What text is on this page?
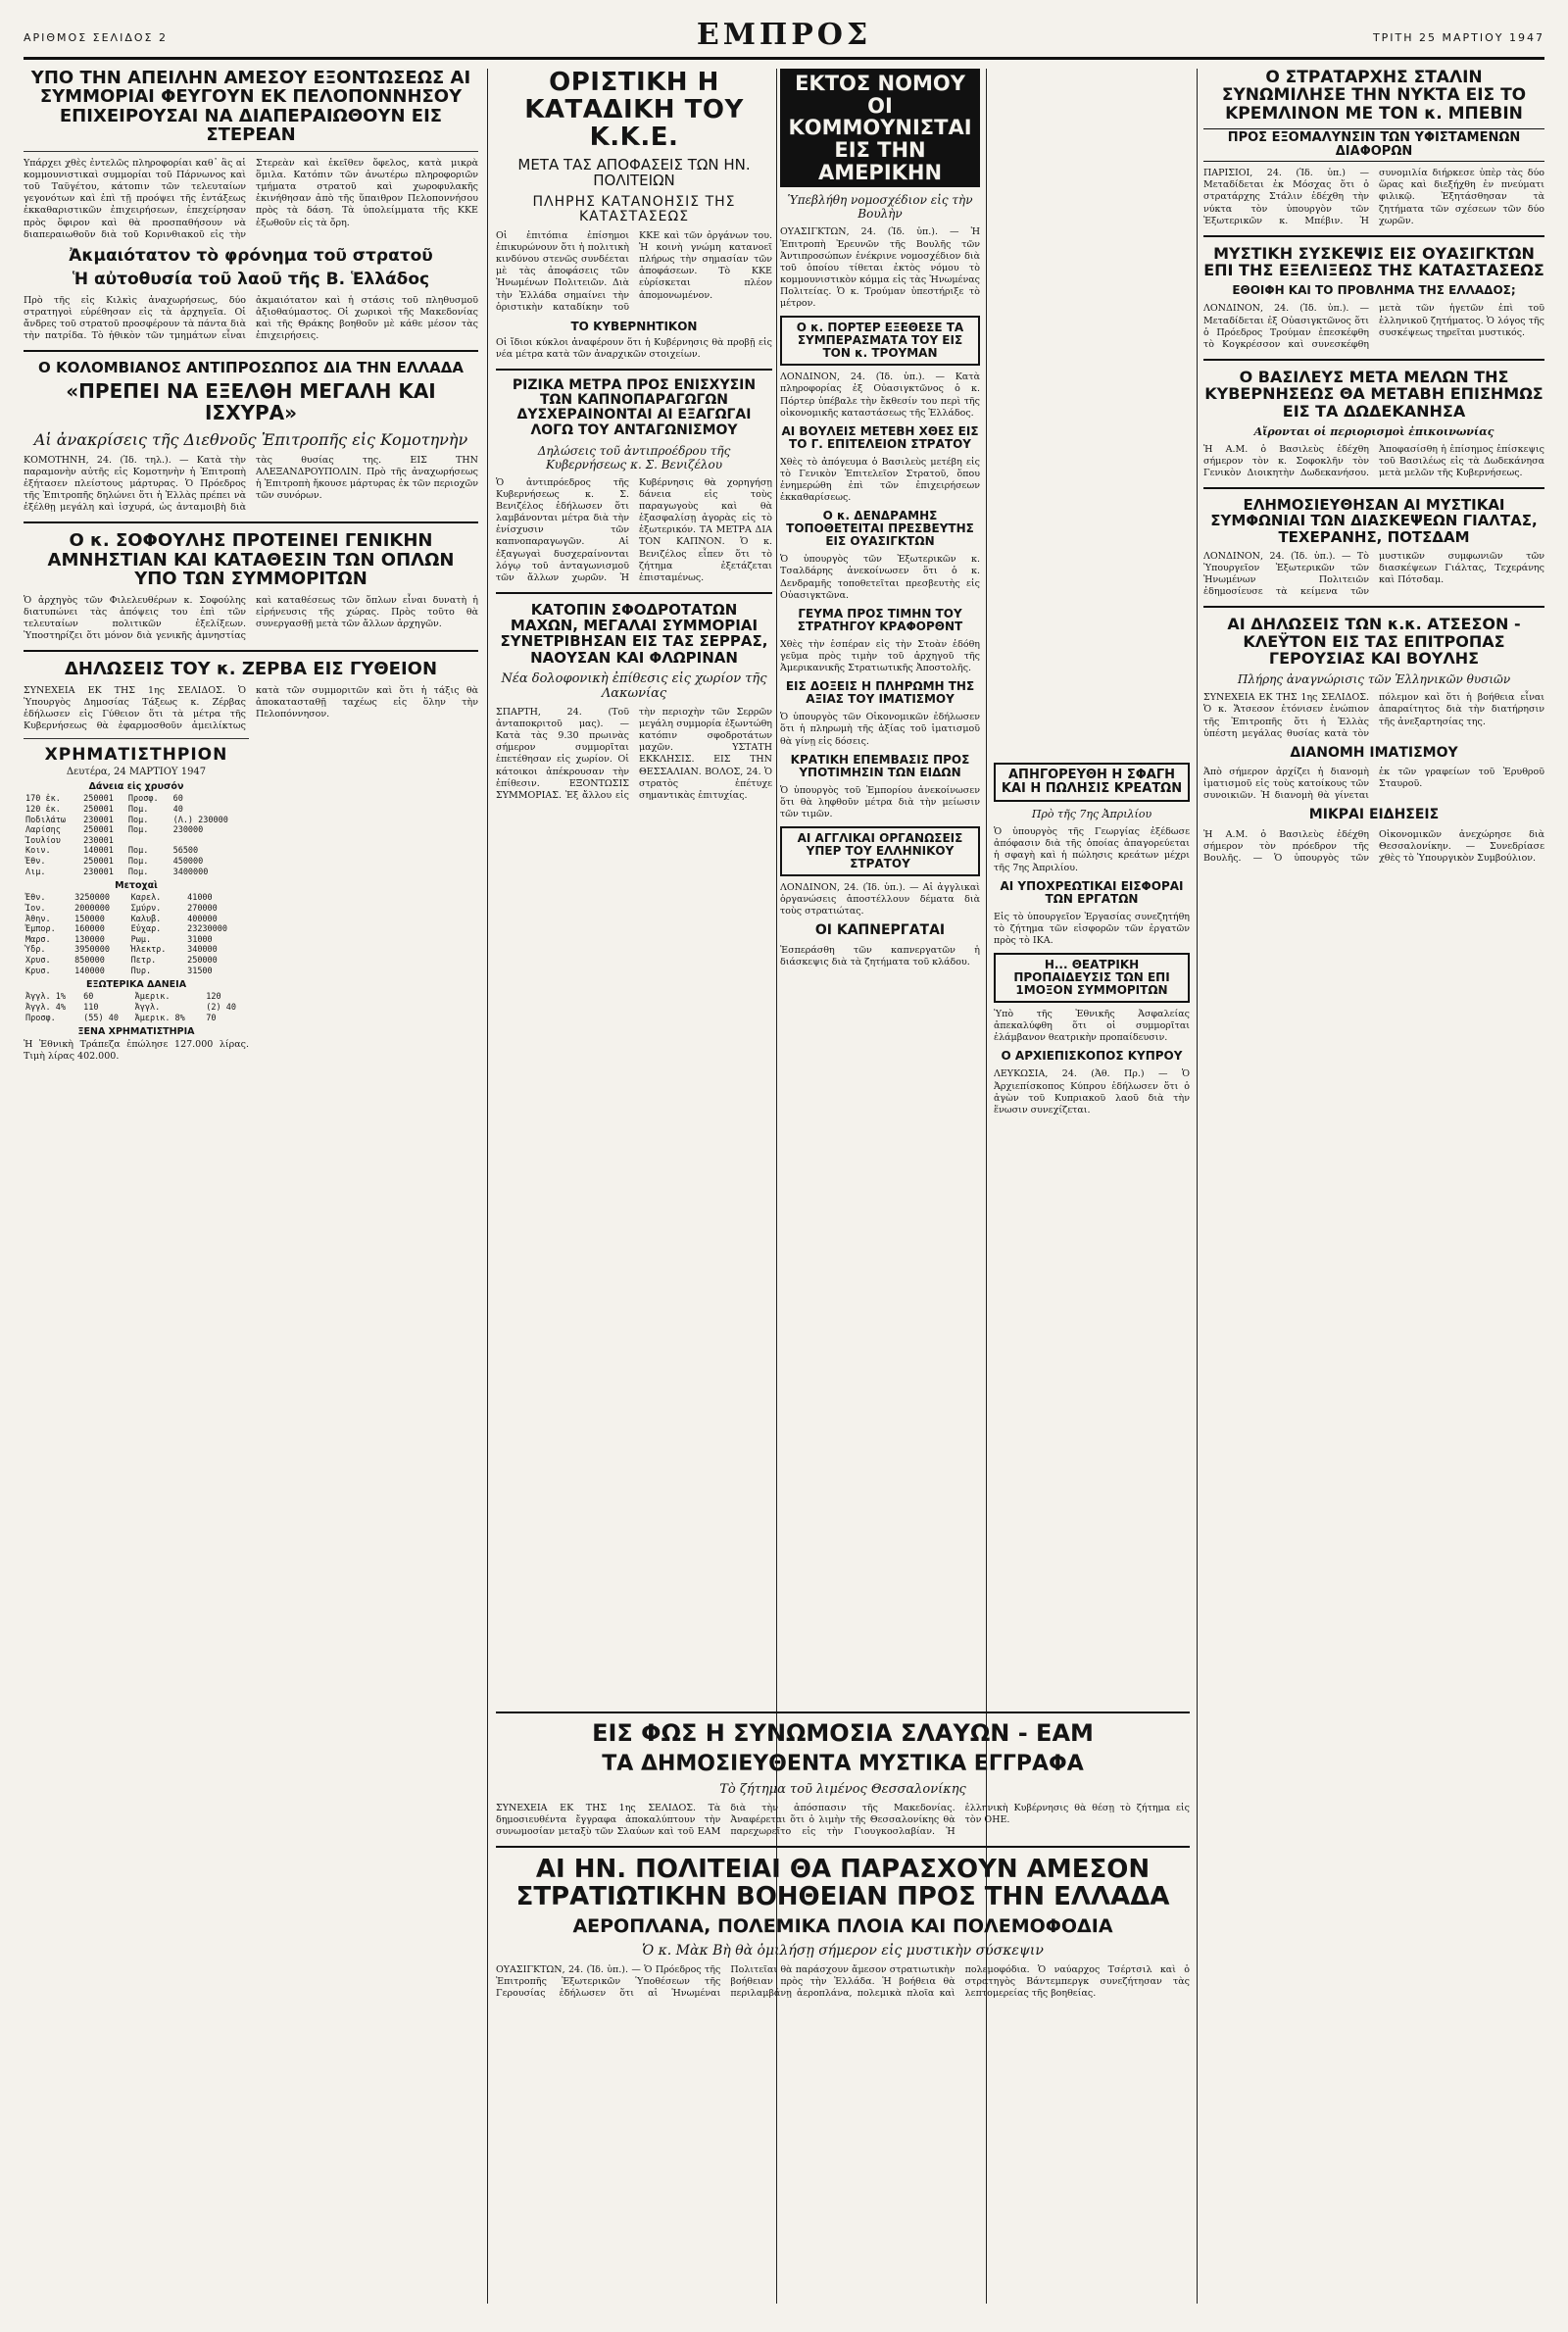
ΑΡΙΘΜΟΣ ΣΕΛΙΔΟΣ 2	ΕΜΠΡΟΣ	ΤΡΙΤΗ 25 ΜΑΡΤΙΟΥ 1947
ΥΠΟ ΤΗΝ ΑΠΕΙΛΗΝ ΑΜΕΣΟΥ ΕΞΟΝΤΩΣΕΩΣ ΑΙ ΣΥΜΜΟΡΙΑΙ ΦΕΥΓΟΥΝ ΕΚ ΠΕΛΟΠΟΝΝΗΣΟΥ ΕΠΙΧΕΙΡΟΥΣΑΙ ΝΑ ΔΙΑΠΕΡΑΙΩΘΟΥΝ ΕΙΣ ΣΤΕΡΕΑΝ

Υπάρχει χθὲς ἐντελῶς πληροφορίαι καθ᾽ ἃς αἱ κομμουνιστικαὶ συμμορίαι τοῦ Πάρνωνος καὶ τοῦ Ταϋγέτου, κάτοπιν τῶν τελευταίων γεγονότων καὶ ἐπὶ τῇ προόψει τῆς ἐντάξεως ἐκκαθαριστικῶν ἐπιχειρήσεων, ἐπεχείρησαν πρὸς ὅφιρον καὶ θὰ προσπαθήσουν νὰ διαπεραιωθοῦν διὰ τοῦ Κορινθιακοῦ εἰς τὴν Στερεὰν καὶ ἐκεῖθεν ὅφελος, κατὰ μικρὰ ὅμιλα. Κατόπιν τῶν ἀνωτέρω πληροφοριῶν τμήματα στρατοῦ καὶ χωροφυλακῆς ἐκινήθησαν ἀπὸ τῆς ὕπαιθρον Πελοποννήσου πρὸς τὰ δάση. Τὰ ὑπολείμματα τῆς ΚΚΕ ἐξωθοῦν εἰς τὰ ὄρη.

Ἀκμαιότατον τὸ φρόνημα τοῦ στρατοῦ
Ἡ αὐτοθυσία τοῦ λαοῦ τῆς Β. Ἑλλάδος

Πρὸ τῆς εἰς Κιλκὶς ἀναχωρήσεως, δύο στρατηγοὶ εὑρέθησαν εἰς τὰ ἀρχηγεῖα. Οἱ ἄνδρες τοῦ στρατοῦ προσφέρουν τὰ πάντα διὰ τὴν πατρίδα. Τὸ ἠθικὸν τῶν τμημάτων εἶναι ἀκμαιότατον καὶ ἡ στάσις τοῦ πληθυσμοῦ ἀξιοθαύμαστος. Οἱ χωρικοὶ τῆς Μακεδονίας καὶ τῆς Θράκης βοηθοῦν μὲ κάθε μέσον τὰς ἐπιχειρήσεις.

Ο ΚΟΛΟΜΒΙΑΝΟΣ ΑΝΤΙΠΡΟΣΩΠΟΣ ΔΙΑ ΤΗΝ ΕΛΛΑΔΑ
«ΠΡΕΠΕΙ ΝΑ ΕΞΕΛΘΗ ΜΕΓΑΛΗ ΚΑΙ ΙΣΧΥΡΑ»
Αἱ ἀνακρίσεις τῆς Διεθνοῦς Ἐπιτροπῆς εἰς Κομοτηνὴν

ΚΟΜΟΤΗΝΗ, 24. (Ἰδ. τηλ.). — Κατὰ τὴν παραμονὴν αὐτῆς εἰς Κομοτηνὴν ἡ Ἐπιτροπὴ ἐξήτασεν πλείστους μάρτυρας. Ὁ Πρόεδρος τῆς Ἐπιτροπῆς δηλώνει ὅτι ἡ Ἑλλὰς πρέπει νὰ ἐξέλθῃ μεγάλη καὶ ἰσχυρά, ὡς ἀνταμοιβὴ διὰ τὰς θυσίας της. ΕΙΣ ΤΗΝ ΑΛΕΞΑΝΔΡΟΥΠΟΛΙΝ. Πρὸ τῆς ἀναχωρήσεως ἡ Ἐπιτροπὴ ἤκουσε μάρτυρας ἐκ τῶν περιοχῶν τῶν συνόρων.

Ο κ. ΣΟΦΟΥΛΗΣ ΠΡΟΤΕΙΝΕΙ ΓΕΝΙΚΗΝ ΑΜΝΗΣΤΙΑΝ ΚΑΙ ΚΑΤΑΘΕΣΙΝ ΤΩΝ ΟΠΛΩΝ ΥΠΟ ΤΩΝ ΣΥΜΜΟΡΙΤΩΝ

Ὁ ἀρχηγὸς τῶν Φιλελευθέρων κ. Σοφούλης διατυπώνει τὰς ἀπόψεις του ἐπὶ τῶν τελευταίων πολιτικῶν ἐξελίξεων. Ὑποστηρίζει ὅτι μόνον διὰ γενικῆς ἀμνηστίας καὶ καταθέσεως τῶν ὅπλων εἶναι δυνατὴ ἡ εἰρήνευσις τῆς χώρας. Πρὸς τοῦτο θὰ συνεργασθῇ μετὰ τῶν ἄλλων ἀρχηγῶν.

ΔΗΛΩΣΕΙΣ ΤΟΥ κ. ΖΕΡΒΑ ΕΙΣ ΓΥΘΕΙΟΝ

ΣΥΝΕΧΕΙΑ ΕΚ ΤΗΣ 1ης ΣΕΛΙΔΟΣ. Ὁ Ὑπουργὸς Δημοσίας Τάξεως κ. Ζέρβας ἐδήλωσεν εἰς Γύθειον ὅτι τὰ μέτρα τῆς Κυβερνήσεως θὰ ἐφαρμοσθοῦν ἀμειλίκτως κατὰ τῶν συμμοριτῶν καὶ ὅτι ἡ τάξις θὰ ἀποκατασταθῇ ταχέως εἰς ὅλην τὴν Πελοπόννησον.

ΧΡΗΜΑΤΙΣΤΗΡΙΟΝ
Δευτέρα, 24 ΜΑΡΤΙΟΥ 1947
Δάνεια εἰς χρυσόν
170 ἐκ.	250001	Προσφ.	60
120 ἐκ.	250001	Πομ.	40
Ποδιλάτω	230001	Πομ.	(Λ.) 230000
Λαρίσης	250001	Πομ.	230000
Ἰουλίου	230001		
Κοιν.	140001	Πομ.	56500
Ἐθν.	250001	Πομ.	450000
Λιμ.	230001	Πομ.	3400000
Μετοχαὶ
Ἐθν.	3250000	Καρελ.	41000
Ἰον.	2000000	Σμύρν.	270000
Ἀθην.	150000	Καλυβ.	400000
Ἐμπορ.	160000	Εὐχαρ.	23230000
Μαρσ.	130000	Ρωμ.	31000
Ὑδρ.	3950000	Ἠλεκτρ.	340000
Χρυσ.	850000	Πετρ.	250000
Κρυσ.	140000	Πυρ.	31500
ΕΞΩΤΕΡΙΚΑ ΔΑΝΕΙΑ
Ἀγγλ. 1%	60	Ἀμερικ.	120
Ἀγγλ. 4%	110	Ἀγγλ.	(2) 40
Προσφ.	(55) 40	Ἀμερικ. 8%	70
ΞΕΝΑ ΧΡΗΜΑΤΙΣΤΗΡΙΑ

Ἡ Ἐθνικὴ Τράπεζα ἐπώλησε 127.000 λίρας. Τιμὴ λίρας 402.000.

ΟΡΙΣΤΙΚΗ Η ΚΑΤΑΔΙΚΗ ΤΟΥ Κ.Κ.Ε.
ΜΕΤΑ ΤΑΣ ΑΠΟΦΑΣΕΙΣ ΤΩΝ ΗΝ. ΠΟΛΙΤΕΙΩΝ
ΠΛΗΡΗΣ ΚΑΤΑΝΟΗΣΙΣ ΤΗΣ ΚΑΤΑΣΤΑΣΕΩΣ

Οἱ ἐπιτόπια ἐπίσημοι ἐπικυρώνουν ὅτι ἡ πολιτικὴ κινδύνου στενῶς συνδέεται μὲ τὰς ἀποφάσεις τῶν Ἡνωμένων Πολιτειῶν. Διὰ τὴν Ἑλλάδα σημαίνει τὴν ὁριστικὴν καταδίκην τοῦ ΚΚΕ καὶ τῶν ὀργάνων του. Ἡ κοινὴ γνώμη κατανοεῖ πλήρως τὴν σημασίαν τῶν ἀποφάσεων. Τὸ ΚΚΕ εὑρίσκεται πλέον ἀπομονωμένον.

ΤΟ ΚΥΒΕΡΝΗΤΙΚΟΝ

Οἱ ἴδιοι κύκλοι ἀναφέρουν ὅτι ἡ Κυβέρνησις θὰ προβῇ εἰς νέα μέτρα κατὰ τῶν ἀναρχικῶν στοιχείων.

ΡΙΖΙΚΑ ΜΕΤΡΑ ΠΡΟΣ ΕΝΙΣΧΥΣΙΝ ΤΩΝ ΚΑΠΝΟΠΑΡΑΓΩΓΩΝ ΔΥΣΧΕΡΑΙΝΟΝΤΑΙ ΑΙ ΕΞΑΓΩΓΑΙ ΛΟΓΩ ΤΟΥ ΑΝΤΑΓΩΝΙΣΜΟΥ
Δηλώσεις τοῦ ἀντιπροέδρου τῆς Κυβερνήσεως κ. Σ. Βενιζέλου

Ὁ ἀντιπρόεδρος τῆς Κυβερνήσεως κ. Σ. Βενιζέλος ἐδήλωσεν ὅτι λαμβάνονται μέτρα διὰ τὴν ἐνίσχυσιν τῶν καπνοπαραγωγῶν. Αἱ ἐξαγωγαὶ δυσχεραίνονται λόγῳ τοῦ ἀνταγωνισμοῦ τῶν ἄλλων χωρῶν. Ἡ Κυβέρνησις θὰ χορηγήσῃ δάνεια εἰς τοὺς παραγωγοὺς καὶ θὰ ἐξασφαλίσῃ ἀγορὰς εἰς τὸ ἐξωτερικόν. ΤΑ ΜΕΤΡΑ ΔΙΑ ΤΟΝ ΚΑΠΝΟΝ. Ὁ κ. Βενιζέλος εἶπεν ὅτι τὸ ζήτημα ἐξετάζεται ἐπισταμένως.

ΚΑΤΟΠΙΝ ΣΦΟΔΡΟΤΑΤΩΝ ΜΑΧΩΝ, ΜΕΓΑΛΑΙ ΣΥΜΜΟΡΙΑΙ ΣΥΝΕΤΡΙΒΗΣΑΝ ΕΙΣ ΤΑΣ ΣΕΡΡΑΣ, ΝΑΟΥΣΑΝ ΚΑΙ ΦΛΩΡΙΝΑΝ
Νέα δολοφονικὴ ἐπίθεσις εἰς χωρίον τῆς Λακωνίας

ΣΠΑΡΤΗ, 24. (Τοῦ ἀνταποκριτοῦ μας). — Κατὰ τὰς 9.30 πρωινὰς σήμερον συμμορῖται ἐπετέθησαν εἰς χωρίον. Οἱ κάτοικοι ἀπέκρουσαν τὴν ἐπίθεσιν. ΕΞΟΝΤΩΣΙΣ ΣΥΜΜΟΡΙΑΣ. Ἐξ ἄλλου εἰς τὴν περιοχὴν τῶν Σερρῶν μεγάλη συμμορία ἐξωντώθη κατόπιν σφοδροτάτων μαχῶν. ΥΣΤΑΤΗ ΕΚΚΛΗΣΙΣ. ΕΙΣ ΤΗΝ ΘΕΣΣΑΛΙΑΝ. ΒΟΛΟΣ, 24. Ὁ στρατὸς ἐπέτυχε σημαντικὰς ἐπιτυχίας.

ΕΚΤΟΣ ΝΟΜΟΥ ΟΙ ΚΟΜΜΟΥΝΙΣΤΑΙ ΕΙΣ ΤΗΝ ΑΜΕΡΙΚΗΝ
Ὑπεβλήθη νομοσχέδιον εἰς τὴν Βουλὴν

ΟΥΑΣΙΓΚΤΩΝ, 24. (Ἰδ. ὑπ.). — Ἡ Ἐπιτροπὴ Ἐρευνῶν τῆς Βουλῆς τῶν Ἀντιπροσώπων ἐνέκρινε νομοσχέδιον διὰ τοῦ ὁποίου τίθεται ἐκτὸς νόμου τὸ κομμουνιστικὸν κόμμα εἰς τὰς Ἡνωμένας Πολιτείας. Ὁ κ. Τρούμαν ὑπεστήριξε τὸ μέτρον.

Ο κ. ΠΟΡΤΕΡ ΕΞΕΘΕΣΕ ΤΑ ΣΥΜΠΕΡΑΣΜΑΤΑ ΤΟΥ ΕΙΣ ΤΟΝ κ. ΤΡΟΥΜΑΝ

ΛΟΝΔΙΝΟΝ, 24. (Ἰδ. ὑπ.). — Κατὰ πληροφορίας ἐξ Οὐασιγκτῶνος ὁ κ. Πόρτερ ὑπέβαλε τὴν ἔκθεσίν του περὶ τῆς οἰκονομικῆς καταστάσεως τῆς Ἑλλάδος.

ΑΙ ΒΟΥΛΕΙΣ ΜΕΤΕΒΗ ΧΘΕΣ ΕΙΣ ΤΟ Γ. ΕΠΙΤΕΛΕΙΟΝ ΣΤΡΑΤΟΥ

Χθὲς τὸ ἀπόγευμα ὁ Βασιλεὺς μετέβη εἰς τὸ Γενικὸν Ἐπιτελεῖον Στρατοῦ, ὅπου ἐνημερώθη ἐπὶ τῶν ἐπιχειρήσεων ἐκκαθαρίσεως.

Ο κ. ΔΕΝΔΡΑΜΗΣ ΤΟΠΟΘΕΤΕΙΤΑΙ ΠΡΕΣΒΕΥΤΗΣ ΕΙΣ ΟΥΑΣΙΓΚΤΩΝ

Ὁ ὑπουργὸς τῶν Ἐξωτερικῶν κ. Τσαλδάρης ἀνεκοίνωσεν ὅτι ὁ κ. Δενδραμῆς τοποθετεῖται πρεσβευτὴς εἰς Οὐασιγκτῶνα.

ΓΕΥΜΑ ΠΡΟΣ ΤΙΜΗΝ ΤΟΥ ΣΤΡΑΤΗΓΟΥ ΚΡΑΦΟΡΘΝΤ

Χθὲς τὴν ἑσπέραν εἰς τὴν Στοὰν ἐδόθη γεῦμα πρὸς τιμὴν τοῦ ἀρχηγοῦ τῆς Ἀμερικανικῆς Στρατιωτικῆς Ἀποστολῆς.

ΕΙΣ ΔΟΞΕΙΣ Η ΠΛΗΡΩΜΗ ΤΗΣ ΑΞΙΑΣ ΤΟΥ ΙΜΑΤΙΣΜΟΥ

Ὁ ὑπουργὸς τῶν Οἰκονομικῶν ἐδήλωσεν ὅτι ἡ πληρωμὴ τῆς ἀξίας τοῦ ἱματισμοῦ θὰ γίνῃ εἰς δόσεις.

ΚΡΑΤΙΚΗ ΕΠΕΜΒΑΣΙΣ ΠΡΟΣ ΥΠΟΤΙΜΗΣΙΝ ΤΩΝ ΕΙΔΩΝ

Ὁ ὑπουργὸς τοῦ Ἐμπορίου ἀνεκοίνωσεν ὅτι θὰ ληφθοῦν μέτρα διὰ τὴν μείωσιν τῶν τιμῶν.

ΑΙ ΑΓΓΛΙΚΑΙ ΟΡΓΑΝΩΣΕΙΣ ΥΠΕΡ ΤΟΥ ΕΛΛΗΝΙΚΟΥ ΣΤΡΑΤΟΥ

ΛΟΝΔΙΝΟΝ, 24. (Ἰδ. ὑπ.). — Αἱ ἀγγλικαὶ ὀργανώσεις ἀποστέλλουν δέματα διὰ τοὺς στρατιώτας.

ΟΙ ΚΑΠΝΕΡΓΑΤΑΙ

Ἐσπεράσθη τῶν καπνεργατῶν ἡ διάσκεψις διὰ τὰ ζητήματα τοῦ κλάδου.

ΑΠΗΓΟΡΕΥΘΗ Η ΣΦΑΓΗ ΚΑΙ Η ΠΩΛΗΣΙΣ ΚΡΕΑΤΩΝ
Πρὸ τῆς 7ης Ἀπριλίου

Ὁ ὑπουργὸς τῆς Γεωργίας ἐξέδωσε ἀπόφασιν διὰ τῆς ὁποίας ἀπαγορεύεται ἡ σφαγὴ καὶ ἡ πώλησις κρεάτων μέχρι τῆς 7ης Ἀπριλίου.

ΑΙ ΥΠΟΧΡΕΩΤΙΚΑΙ ΕΙΣΦΟΡΑΙ ΤΩΝ ΕΡΓΑΤΩΝ

Εἰς τὸ ὑπουργεῖον Ἐργασίας συνεζητήθη τὸ ζήτημα τῶν εἰσφορῶν τῶν ἐργατῶν πρὸς τὸ ΙΚΑ.

Η... ΘΕΑΤΡΙΚΗ ΠΡΟΠΑΙΔΕΥΣΙΣ ΤΩΝ ΕΠΙ 1ΜΟΞΟΝ ΣΥΜΜΟΡΙΤΩΝ

Ὑπὸ τῆς Ἐθνικῆς Ἀσφαλείας ἀπεκαλύφθη ὅτι οἱ συμμορῖται ἐλάμβανον θεατρικὴν προπαίδευσιν.

Ο ΑΡΧΙΕΠΙΣΚΟΠΟΣ ΚΥΠΡΟΥ

ΛΕΥΚΩΣΙΑ, 24. (Ἀθ. Πρ.) — Ὁ Ἀρχιεπίσκοπος Κύπρου ἐδήλωσεν ὅτι ὁ ἀγὼν τοῦ Κυπριακοῦ λαοῦ διὰ τὴν ἕνωσιν συνεχίζεται.

Ο ΣΤΡΑΤΑΡΧΗΣ ΣΤΑΛΙΝ ΣΥΝΩΜΙΛΗΣΕ ΤΗΝ ΝΥΚΤΑ ΕΙΣ ΤΟ ΚΡΕΜΛΙΝΟΝ ΜΕ ΤΟΝ κ. ΜΠΕΒΙΝ
ΠΡΟΣ ΕΞΟΜΑΛΥΝΣΙΝ ΤΩΝ ΥΦΙΣΤΑΜΕΝΩΝ ΔΙΑΦΟΡΩΝ

ΠΑΡΙΣΙΟΙ, 24. (Ἰδ. ὑπ.) — Μεταδίδεται ἐκ Μόσχας ὅτι ὁ στρατάρχης Στάλιν ἐδέχθη τὴν νύκτα τὸν ὑπουργὸν τῶν Ἐξωτερικῶν κ. Μπέβιν. Ἡ συνομιλία διήρκεσε ὑπὲρ τὰς δύο ὥρας καὶ διεξήχθη ἐν πνεύματι φιλικῷ. Ἐξητάσθησαν τὰ ζητήματα τῶν σχέσεων τῶν δύο χωρῶν.

ΜΥΣΤΙΚΗ ΣΥΣΚΕΨΙΣ ΕΙΣ ΟΥΑΣΙΓΚΤΩΝ ΕΠΙ ΤΗΣ ΕΞΕΛΙΞΕΩΣ ΤΗΣ ΚΑΤΑΣΤΑΣΕΩΣ
ΕΘΟΙΦΗ ΚΑΙ ΤΟ ΠΡΟΒΛΗΜΑ ΤΗΣ ΕΛΛΑΔΟΣ;

ΛΟΝΔΙΝΟΝ, 24. (Ἰδ. ὑπ.). — Μεταδίδεται ἐξ Οὐασιγκτῶνος ὅτι ὁ Πρόεδρος Τρούμαν ἐπεσκέφθη τὸ Κογκρέσσον καὶ συνεσκέφθη μετὰ τῶν ἡγετῶν ἐπὶ τοῦ ἑλληνικοῦ ζητήματος. Ὁ λόγος τῆς συσκέψεως τηρεῖται μυστικός.

Ο ΒΑΣΙΛΕΥΣ ΜΕΤΑ ΜΕΛΩΝ ΤΗΣ ΚΥΒΕΡΝΗΣΕΩΣ ΘΑ ΜΕΤΑΒΗ ΕΠΙΣΗΜΩΣ ΕΙΣ ΤΑ ΔΩΔΕΚΑΝΗΣΑ
Αἴρονται οἱ περιορισμοὶ ἐπικοινωνίας

Ἡ Α.Μ. ὁ Βασιλεὺς ἐδέχθη σήμερον τὸν κ. Σοφοκλῆν τὸν Γενικὸν Διοικητὴν Δωδεκανήσου. Ἀποφασίσθη ἡ ἐπίσημος ἐπίσκεψις τοῦ Βασιλέως εἰς τὰ Δωδεκάνησα μετὰ μελῶν τῆς Κυβερνήσεως.

ΕΛΗΜΟΣΙΕΥΘΗΣΑΝ ΑΙ ΜΥΣΤΙΚΑΙ ΣΥΜΦΩΝΙΑΙ ΤΩΝ ΔΙΑΣΚΕΨΕΩΝ ΓΙΑΛΤΑΣ, ΤΕΧΕΡΑΝΗΣ, ΠΟΤΣΔΑΜ

ΛΟΝΔΙΝΟΝ, 24. (Ἰδ. ὑπ.). — Τὸ Ὑπουργεῖον Ἐξωτερικῶν τῶν Ἡνωμένων Πολιτειῶν ἐδημοσίευσε τὰ κείμενα τῶν μυστικῶν συμφωνιῶν τῶν διασκέψεων Γιάλτας, Τεχεράνης καὶ Πότσδαμ.

ΑΙ ΔΗΛΩΣΕΙΣ ΤΩΝ κ.κ. ΑΤΣΕΣΟΝ - ΚΛΕΫΤΟΝ ΕΙΣ ΤΑΣ ΕΠΙΤΡΟΠΑΣ ΓΕΡΟΥΣΙΑΣ ΚΑΙ ΒΟΥΛΗΣ
Πλήρης ἀναγνώρισις τῶν Ἑλληνικῶν θυσιῶν

ΣΥΝΕΧΕΙΑ ΕΚ ΤΗΣ 1ης ΣΕΛΙΔΟΣ. Ὁ κ. Ἄτσεσον ἐτόνισεν ἐνώπιον τῆς Ἐπιτροπῆς ὅτι ἡ Ἑλλὰς ὑπέστη μεγάλας θυσίας κατὰ τὸν πόλεμον καὶ ὅτι ἡ βοήθεια εἶναι ἀπαραίτητος διὰ τὴν διατήρησιν τῆς ἀνεξαρτησίας της.

ΔΙΑΝΟΜΗ ΙΜΑΤΙΣΜΟΥ

Ἀπὸ σήμερον ἀρχίζει ἡ διανομὴ ἱματισμοῦ εἰς τοὺς κατοίκους τῶν συνοικιῶν. Ἡ διανομὴ θὰ γίνεται ἐκ τῶν γραφείων τοῦ Ἐρυθροῦ Σταυροῦ.

ΜΙΚΡΑΙ ΕΙΔΗΣΕΙΣ

Ἡ Α.Μ. ὁ Βασιλεὺς ἐδέχθη σήμερον τὸν πρόεδρον τῆς Βουλῆς. — Ὁ ὑπουργὸς τῶν Οἰκονομικῶν ἀνεχώρησε διὰ Θεσσαλονίκην. — Συνεδρίασε χθὲς τὸ Ὑπουργικὸν Συμβούλιον.

ΕΙΣ ΦΩΣ Η ΣΥΝΩΜΟΣΙΑ ΣΛΑΥΩΝ - ΕΑΜ
ΤΑ ΔΗΜΟΣΙΕΥΘΕΝΤΑ ΜΥΣΤΙΚΑ ΕΓΓΡΑΦΑ
Τὸ ζήτημα τοῦ λιμένος Θεσσαλονίκης

ΣΥΝΕΧΕΙΑ ΕΚ ΤΗΣ 1ης ΣΕΛΙΔΟΣ. Τὰ δημοσιευθέντα ἔγγραφα ἀποκαλύπτουν τὴν συνωμοσίαν μεταξὺ τῶν Σλαύων καὶ τοῦ ΕΑΜ διὰ τὴν ἀπόσπασιν τῆς Μακεδονίας. Ἀναφέρεται ὅτι ὁ λιμὴν τῆς Θεσσαλονίκης θὰ παρεχωρεῖτο εἰς τὴν Γιουγκοσλαβίαν. Ἡ ἑλληνικὴ Κυβέρνησις θὰ θέσῃ τὸ ζήτημα εἰς τὸν ΟΗΕ.

ΑΙ ΗΝ. ΠΟΛΙΤΕΙΑΙ ΘΑ ΠΑΡΑΣΧΟΥΝ ΑΜΕΣΟΝ ΣΤΡΑΤΙΩΤΙΚΗΝ ΒΟΗΘΕΙΑΝ ΠΡΟΣ ΤΗΝ ΕΛΛΑΔΑ
ΑΕΡΟΠΛΑΝΑ, ΠΟΛΕΜΙΚΑ ΠΛΟΙΑ ΚΑΙ ΠΟΛΕΜΟΦΟΔΙΑ
Ὁ κ. Μὰκ Βὴ θὰ ὁμιλήσῃ σήμερον εἰς μυστικὴν σύσκεψιν

ΟΥΑΣΙΓΚΤΩΝ, 24. (Ἰδ. ὑπ.). — Ὁ Πρόεδρος τῆς Ἐπιτροπῆς Ἐξωτερικῶν Ὑποθέσεων τῆς Γερουσίας ἐδήλωσεν ὅτι αἱ Ἡνωμέναι Πολιτεῖαι θὰ παράσχουν ἄμεσον στρατιωτικὴν βοήθειαν πρὸς τὴν Ἑλλάδα. Ἡ βοήθεια θὰ περιλαμβάνῃ ἀεροπλάνα, πολεμικὰ πλοῖα καὶ πολεμοφόδια. Ὁ ναύαρχος Τσέρτσιλ καὶ ὁ στρατηγὸς Βάντεμπεργκ συνεζήτησαν τὰς λεπτομερείας τῆς βοηθείας.
